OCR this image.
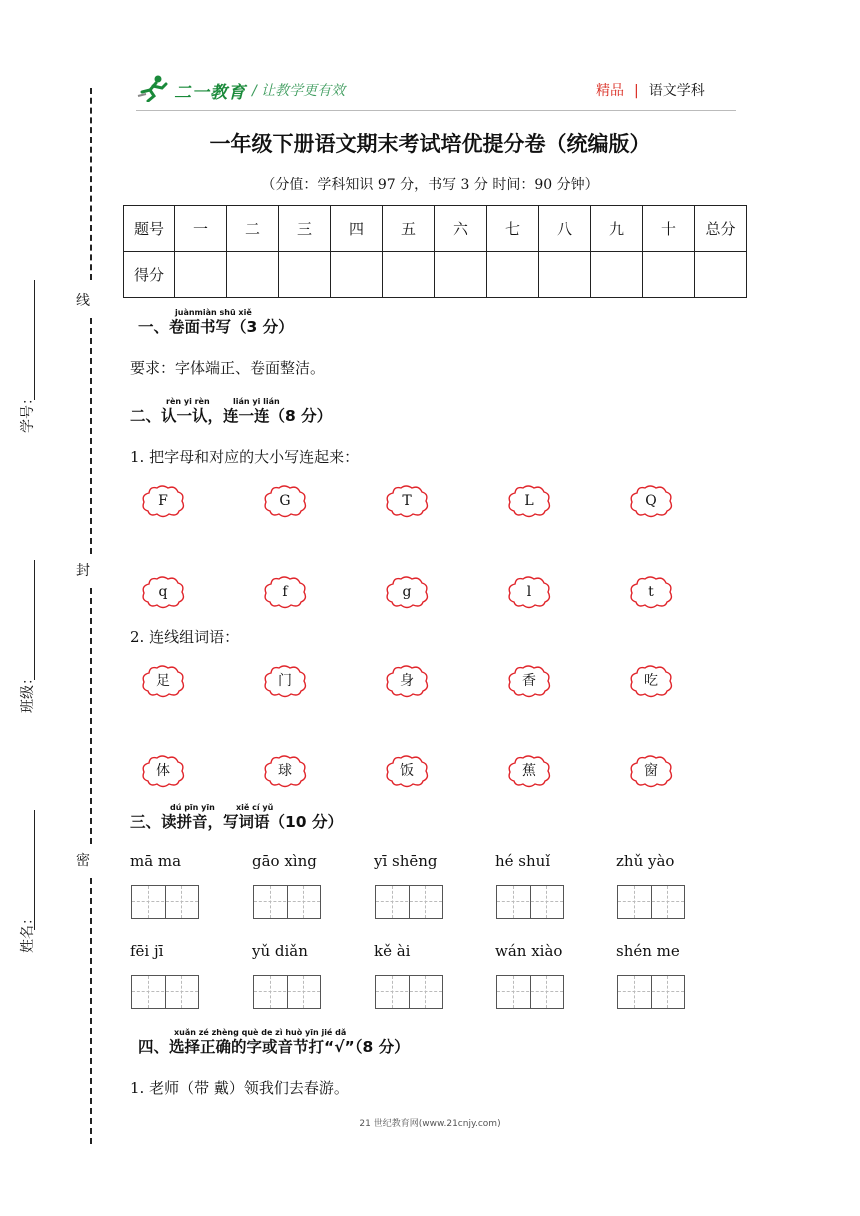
二一教育 / 让教学更有效	精品 | 语文学科
一年级下册语文期末考试培优提分卷（统编版）
（分值：学科知识 97 分，书写 3 分 时间：90 分钟）
题号	一	二	三	四	五	六	七	八	九	十	总分
得分											
线
封
密
学号：
班级：
姓名：
juànmiàn shū xiě
一、卷面书写（3 分）
要求：字体端正、卷面整洁。
rèn yi rèn	lián yi lián
二、认一认，连一连（8 分）
1. 把字母和对应的大小写连起来：
F	G	T	L	Q
q	f	g	l	t
2. 连线组词语：
足	门	身	香	吃
体	球	饭	蕉	窗
dú pīn yīn	xiě cí yǔ
三、读拼音，写词语（10 分）
mā ma	gāo xìng	yī shēng	hé shuǐ	zhǔ yào
fēi jī	yǔ diǎn	kě ài	wán xiào	shén me
xuǎn zé zhèng què de zì huò yīn jié dǎ
四、选择正确的字或音节打“√”（8 分）
1. 老师（带 戴）领我们去春游。
21 世纪教育网(www.21cnjy.com)
